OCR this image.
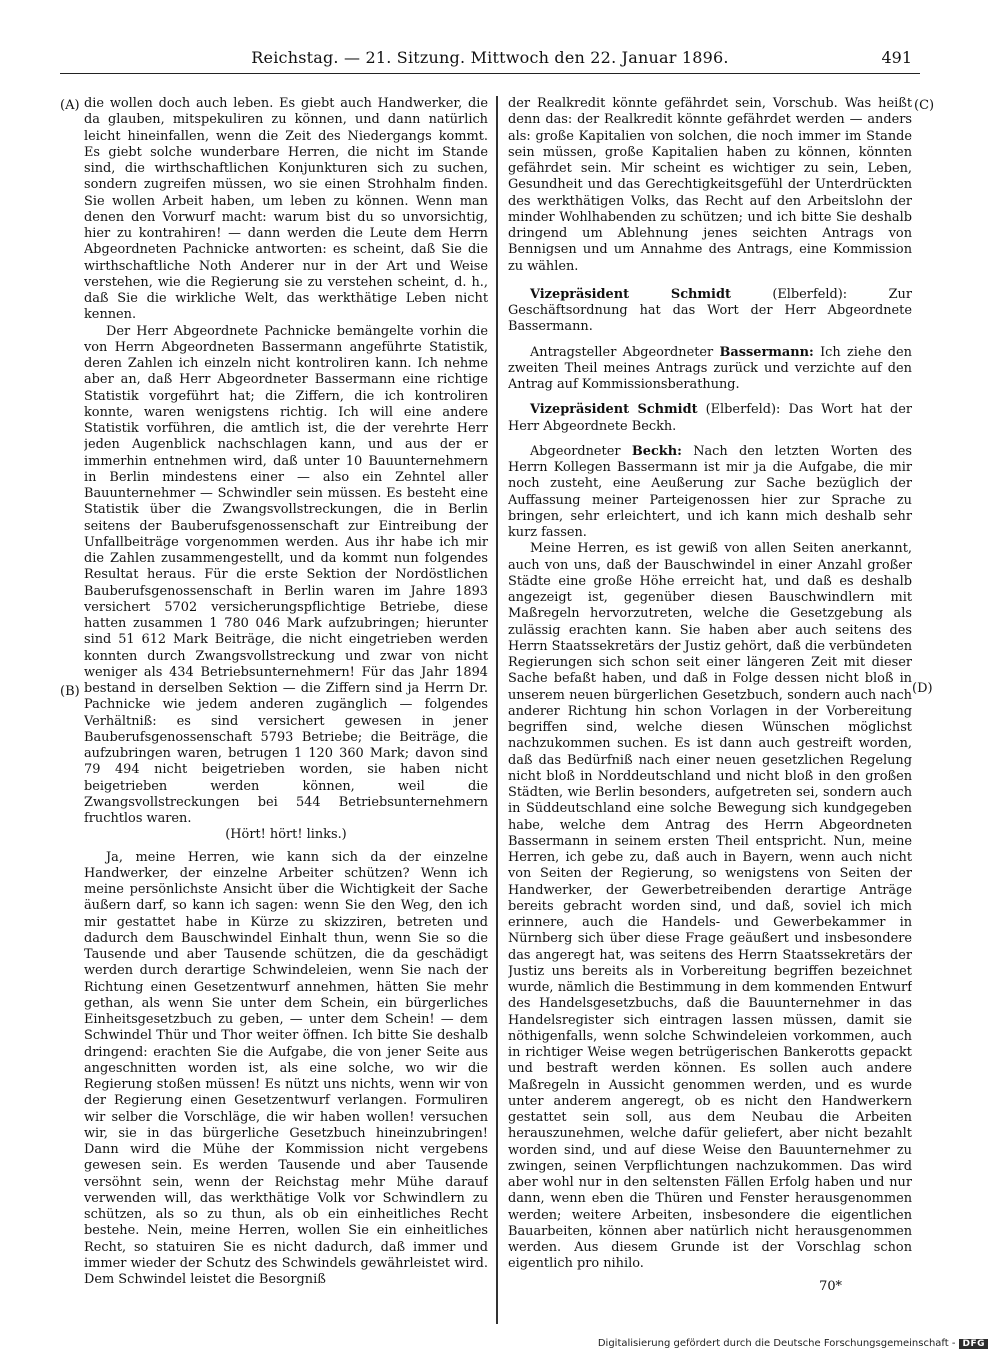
Reichstag. — 21. Sitzung. Mittwoch den 22. Januar 1896.	491
(A)
(B)
(C)
(D)

die wollen doch auch leben. Es giebt auch Handwerker, die da glauben, mitspekuliren zu können, und dann natürlich leicht hineinfallen, wenn die Zeit des Niedergangs kommt. Es giebt solche wunderbare Herren, die nicht im Stande sind, die wirthschaftlichen Konjunkturen sich zu suchen, sondern zugreifen müssen, wo sie einen Strohhalm finden. Sie wollen Arbeit haben, um leben zu können. Wenn man denen den Vorwurf macht: warum bist du so unvorsichtig, hier zu kontrahiren! — dann werden die Leute dem Herrn Abgeordneten Pachnicke antworten: es scheint, daß Sie die wirthschaftliche Noth Anderer nur in der Art und Weise verstehen, wie die Regierung sie zu verstehen scheint, d. h., daß Sie die wirkliche Welt, das werkthätige Leben nicht kennen.

Der Herr Abgeordnete Pachnicke bemängelte vorhin die von Herrn Abgeordneten Bassermann angeführte Statistik, deren Zahlen ich einzeln nicht kontroliren kann. Ich nehme aber an, daß Herr Abgeordneter Bassermann eine richtige Statistik vorgeführt hat; die Ziffern, die ich kontroliren konnte, waren wenigstens richtig. Ich will eine andere Statistik vorführen, die amtlich ist, die der verehrte Herr jeden Augenblick nachschlagen kann, und aus der er immerhin entnehmen wird, daß unter 10 Bauunternehmern in Berlin mindestens einer — also ein Zehntel aller Bauunternehmer — Schwindler sein müssen. Es besteht eine Statistik über die Zwangsvollstreckungen, die in Berlin seitens der Bauberufsgenossenschaft zur Eintreibung der Unfallbeiträge vorgenommen werden. Aus ihr habe ich mir die Zahlen zusammengestellt, und da kommt nun folgendes Resultat heraus. Für die erste Sektion der Nordöstlichen Bauberufsgenossenschaft in Berlin waren im Jahre 1893 versichert 5702 versicherungspflichtige Betriebe, diese hatten zusammen 1 780 046 Mark aufzubringen; hierunter sind 51 612 Mark Beiträge, die nicht eingetrieben werden konnten durch Zwangsvollstreckung und zwar von nicht weniger als 434 Betriebsunternehmern! Für das Jahr 1894 bestand in derselben Sektion — die Ziffern sind ja Herrn Dr. Pachnicke wie jedem anderen zugänglich — folgendes Verhältniß: es sind versichert gewesen in jener Bauberufsgenossenschaft 5793 Betriebe; die Beiträge, die aufzubringen waren, betrugen 1 120 360 Mark; davon sind 79 494 nicht beigetrieben worden, sie haben nicht beigetrieben werden können, weil die Zwangsvollstreckungen bei 544 Betriebsunternehmern fruchtlos waren.

(Hört! hört! links.)

Ja, meine Herren, wie kann sich da der einzelne Handwerker, der einzelne Arbeiter schützen? Wenn ich meine persönlichste Ansicht über die Wichtigkeit der Sache äußern darf, so kann ich sagen: wenn Sie den Weg, den ich mir gestattet habe in Kürze zu skizziren, betreten und dadurch dem Bauschwindel Einhalt thun, wenn Sie so die Tausende und aber Tausende schützen, die da geschädigt werden durch derartige Schwindeleien, wenn Sie nach der Richtung einen Gesetzentwurf annehmen, hätten Sie mehr gethan, als wenn Sie unter dem Schein, ein bürgerliches Einheitsgesetzbuch zu geben, — unter dem Schein! — dem Schwindel Thür und Thor weiter öffnen. Ich bitte Sie deshalb dringend: erachten Sie die Aufgabe, die von jener Seite aus angeschnitten worden ist, als eine solche, wo wir die Regierung stoßen müssen! Es nützt uns nichts, wenn wir von der Regierung einen Gesetzentwurf verlangen. Formuliren wir selber die Vorschläge, die wir haben wollen! versuchen wir, sie in das bürgerliche Gesetzbuch hineinzubringen! Dann wird die Mühe der Kommission nicht vergebens gewesen sein. Es werden Tausende und aber Tausende versöhnt sein, wenn der Reichstag mehr Mühe darauf verwenden will, das werkthätige Volk vor Schwindlern zu schützen, als so zu thun, als ob ein einheitliches Recht bestehe. Nein, meine Herren, wollen Sie ein einheitliches Recht, so statuiren Sie es nicht dadurch, daß immer und immer wieder der Schutz des Schwindels gewährleistet wird. Dem Schwindel leistet die Besorgniß

der Realkredit könnte gefährdet sein, Vorschub. Was heißt denn das: der Realkredit könnte gefährdet werden — anders als: große Kapitalien von solchen, die noch immer im Stande sein müssen, große Kapitalien haben zu können, könnten gefährdet sein. Mir scheint es wichtiger zu sein, Leben, Gesundheit und das Gerechtigkeitsgefühl der Unterdrückten des werkthätigen Volks, das Recht auf den Arbeitslohn der minder Wohlhabenden zu schützen; und ich bitte Sie deshalb dringend um Ablehnung jenes seichten Antrags von Bennigsen und um Annahme des Antrags, eine Kommission zu wählen.

Vizepräsident Schmidt (Elberfeld): Zur Geschäftsordnung hat das Wort der Herr Abgeordnete Bassermann.

Antragsteller Abgeordneter Bassermann: Ich ziehe den zweiten Theil meines Antrags zurück und verzichte auf den Antrag auf Kommissionsberathung.

Vizepräsident Schmidt (Elberfeld): Das Wort hat der Herr Abgeordnete Beckh.

Abgeordneter Beckh: Nach den letzten Worten des Herrn Kollegen Bassermann ist mir ja die Aufgabe, die mir noch zusteht, eine Aeußerung zur Sache bezüglich der Auffassung meiner Parteigenossen hier zur Sprache zu bringen, sehr erleichtert, und ich kann mich deshalb sehr kurz fassen.

Meine Herren, es ist gewiß von allen Seiten anerkannt, auch von uns, daß der Bauschwindel in einer Anzahl großer Städte eine große Höhe erreicht hat, und daß es deshalb angezeigt ist, gegenüber diesen Bauschwindlern mit Maßregeln hervorzutreten, welche die Gesetzgebung als zulässig erachten kann. Sie haben aber auch seitens des Herrn Staatssekretärs der Justiz gehört, daß die verbündeten Regierungen sich schon seit einer längeren Zeit mit dieser Sache befaßt haben, und daß in Folge dessen nicht bloß in unserem neuen bürgerlichen Gesetzbuch, sondern auch nach anderer Richtung hin schon Vorlagen in der Vorbereitung begriffen sind, welche diesen Wünschen möglichst nachzukommen suchen. Es ist dann auch gestreift worden, daß das Bedürfniß nach einer neuen gesetzlichen Regelung nicht bloß in Norddeutschland und nicht bloß in den großen Städten, wie Berlin besonders, aufgetreten sei, sondern auch in Süddeutschland eine solche Bewegung sich kundgegeben habe, welche dem Antrag des Herrn Abgeordneten Bassermann in seinem ersten Theil entspricht. Nun, meine Herren, ich gebe zu, daß auch in Bayern, wenn auch nicht von Seiten der Regierung, so wenigstens von Seiten der Handwerker, der Gewerbetreibenden derartige Anträge bereits gebracht worden sind, und daß, soviel ich mich erinnere, auch die Handels- und Gewerbekammer in Nürnberg sich über diese Frage geäußert und insbesondere das angeregt hat, was seitens des Herrn Staatssekretärs der Justiz uns bereits als in Vorbereitung begriffen bezeichnet wurde, nämlich die Bestimmung in dem kommenden Entwurf des Handelsgesetzbuchs, daß die Bauunternehmer in das Handelsregister sich eintragen lassen müssen, damit sie nöthigenfalls, wenn solche Schwindeleien vorkommen, auch in richtiger Weise wegen betrügerischen Bankerotts gepackt und bestraft werden können. Es sollen auch andere Maßregeln in Aussicht genommen werden, und es wurde unter anderem angeregt, ob es nicht den Handwerkern gestattet sein soll, aus dem Neubau die Arbeiten herauszunehmen, welche dafür geliefert, aber nicht bezahlt worden sind, und auf diese Weise den Bauunternehmer zu zwingen, seinen Verpflichtungen nachzukommen. Das wird aber wohl nur in den seltensten Fällen Erfolg haben und nur dann, wenn eben die Thüren und Fenster herausgenommen werden; weitere Arbeiten, insbesondere die eigentlichen Bauarbeiten, können aber natürlich nicht herausgenommen werden. Aus diesem Grunde ist der Vorschlag schon eigentlich pro nihilo.

70*

Digitalisierung gefördert durch die Deutsche Forschungsgemeinschaft - DFG
